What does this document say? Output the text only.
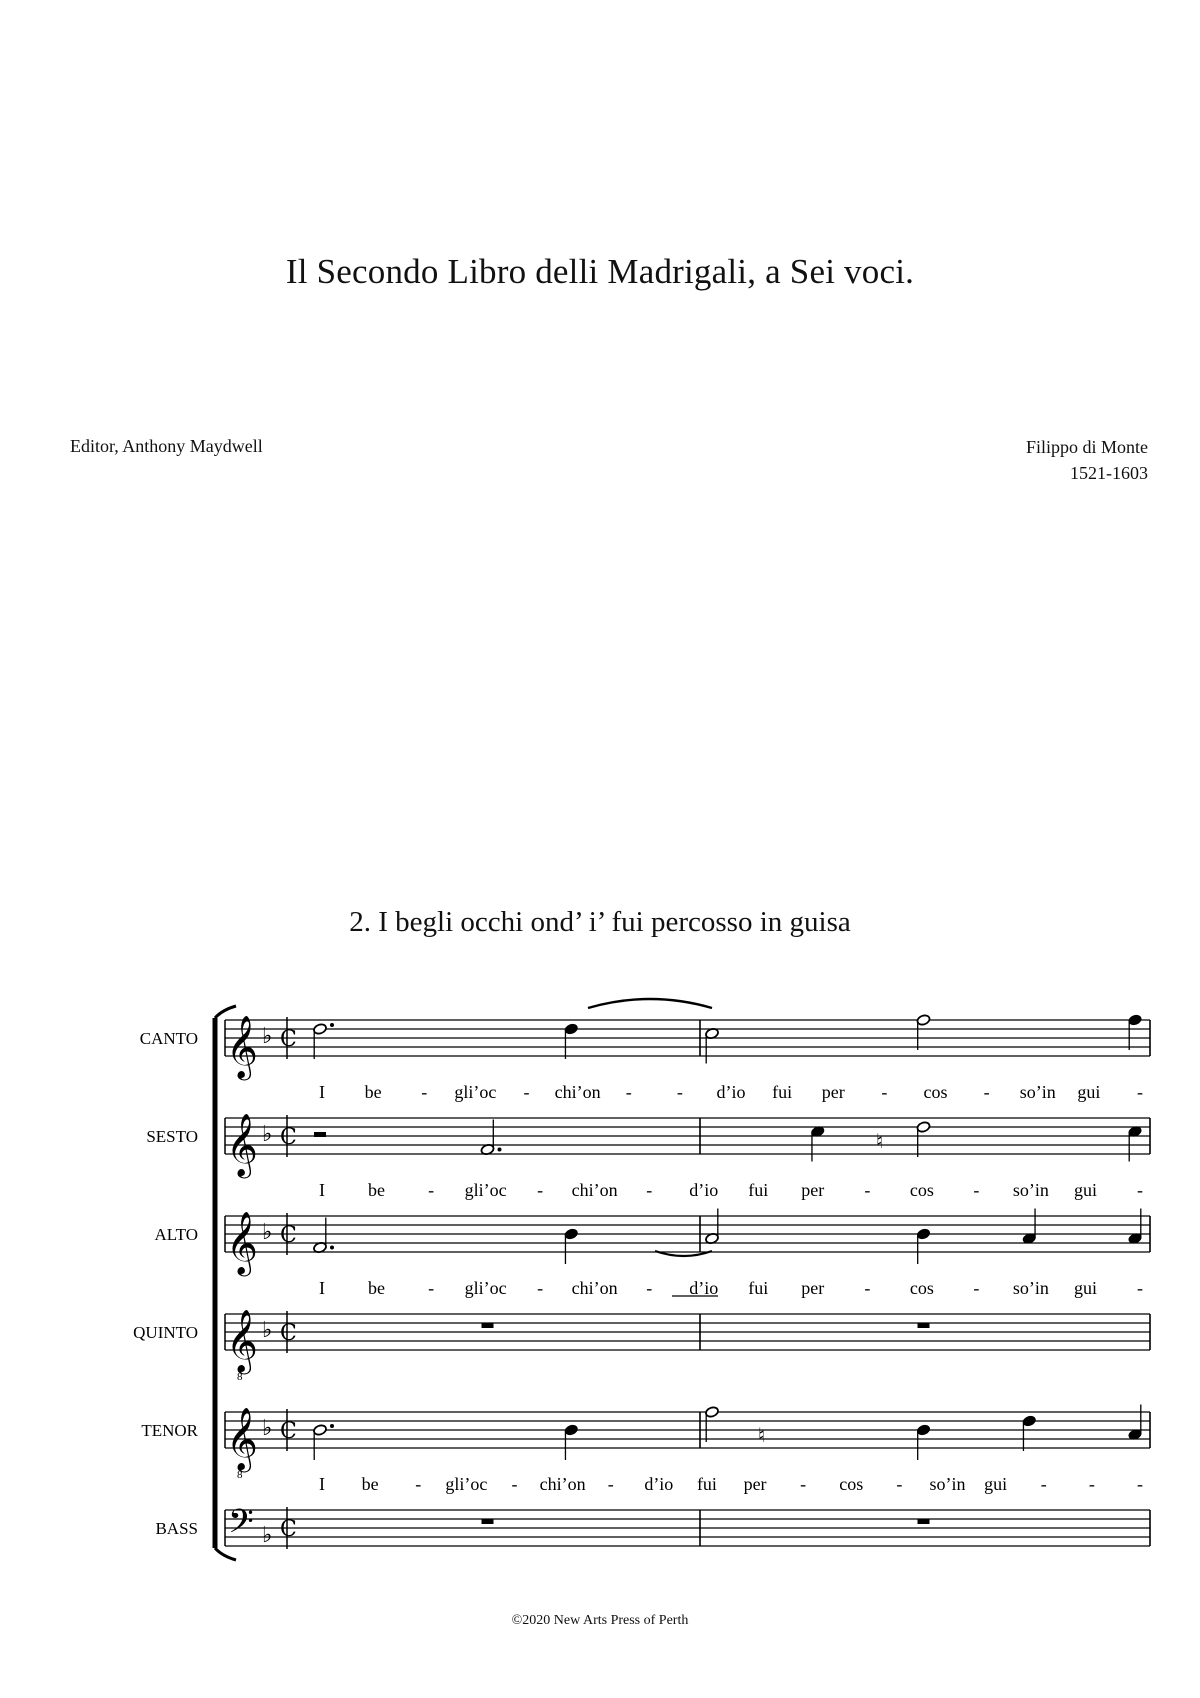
Il Secondo Libro delli Madrigali, a Sei voci.
Editor, Anthony Maydwell	Filippo di Monte
1521-1603
2. I begli occhi ond’ i’ fui percosso in guisa
CANTO 𝄞 ♭ C
I be - gli’oc - chi’on -	- d’io fui per - cos - so’in gui -
SESTO 𝄞 ♭ C	♮
I be - gli’oc - chi’on - d’io fui per - cos - so’in gui -
ALTO 𝄞 ♭ C
I be - gli’oc - chi’on - d’io fui per - cos - so’in gui -
QUINTO 𝄞
8
♭ C
TENOR 𝄞
8
♭ C	♮
I be - gli’oc - chi’on - d’io fui per - cos - so’in gui - - -
BASS 𝄢 ♭ C
©2020 New Arts Press of Perth
